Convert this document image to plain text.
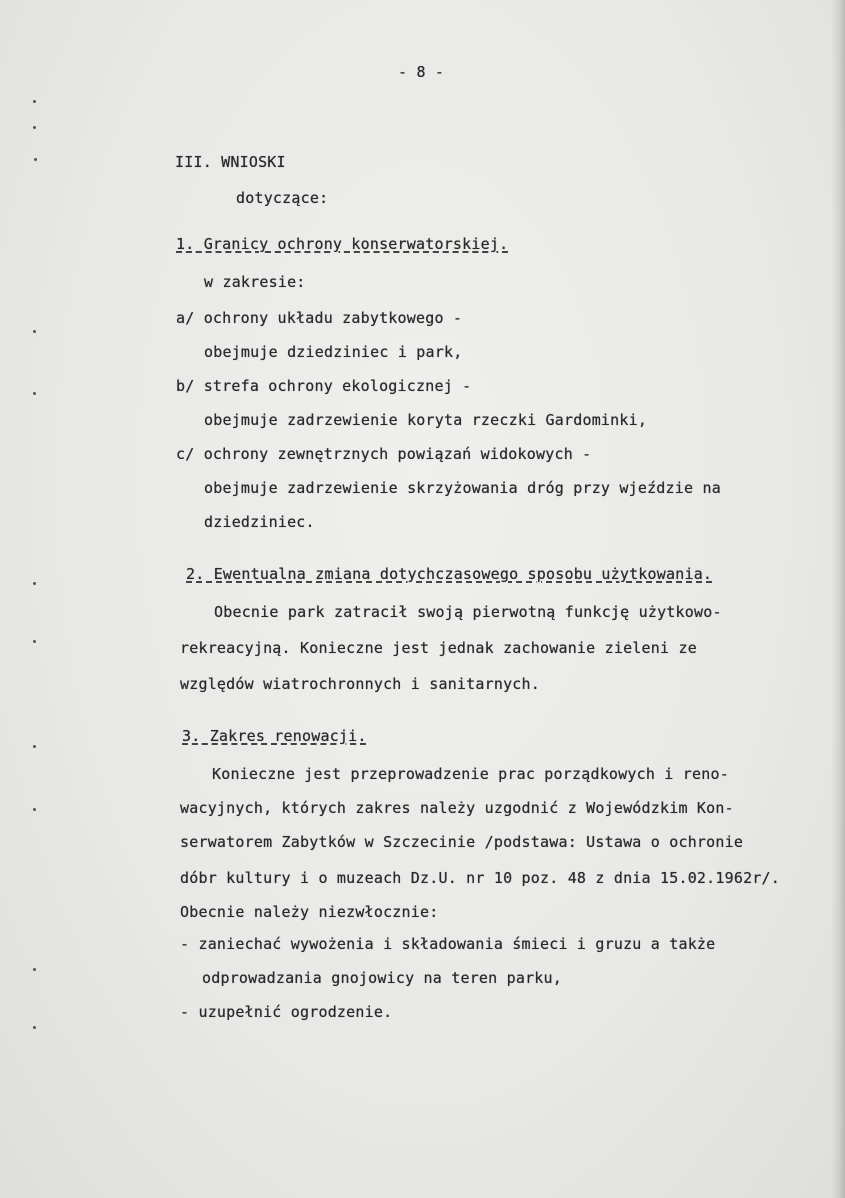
- 8 -
III. WNIOSKI
dotyczące:
1. Granicy ochrony konserwatorskiej.
w zakresie:
a/ ochrony układu zabytkowego -
obejmuje dziedziniec i park,
b/ strefa ochrony ekologicznej -
obejmuje zadrzewienie koryta rzeczki Gardominki,
c/ ochrony zewnętrznych powiązań widokowych -
obejmuje zadrzewienie skrzyżowania dróg przy wjeździe na
dziedziniec.
2. Ewentualna zmiana dotychczasowego sposobu użytkowania.
Obecnie park zatracił swoją pierwotną funkcję użytkowo-
rekreacyjną. Konieczne jest jednak zachowanie zieleni ze
względów wiatrochronnych i sanitarnych.
3. Zakres renowacji.
Konieczne jest przeprowadzenie prac porządkowych i reno-
wacyjnych, których zakres należy uzgodnić z Wojewódzkim Kon-
serwatorem Zabytków w Szczecinie /podstawa: Ustawa o ochronie
dóbr kultury i o muzeach Dz.U. nr 10 poz. 48 z dnia 15.02.1962r/.
Obecnie należy niezwłocznie:
- zaniechać wywożenia i składowania śmieci i gruzu a także
odprowadzania gnojowicy na teren parku,
- uzupełnić ogrodzenie.
